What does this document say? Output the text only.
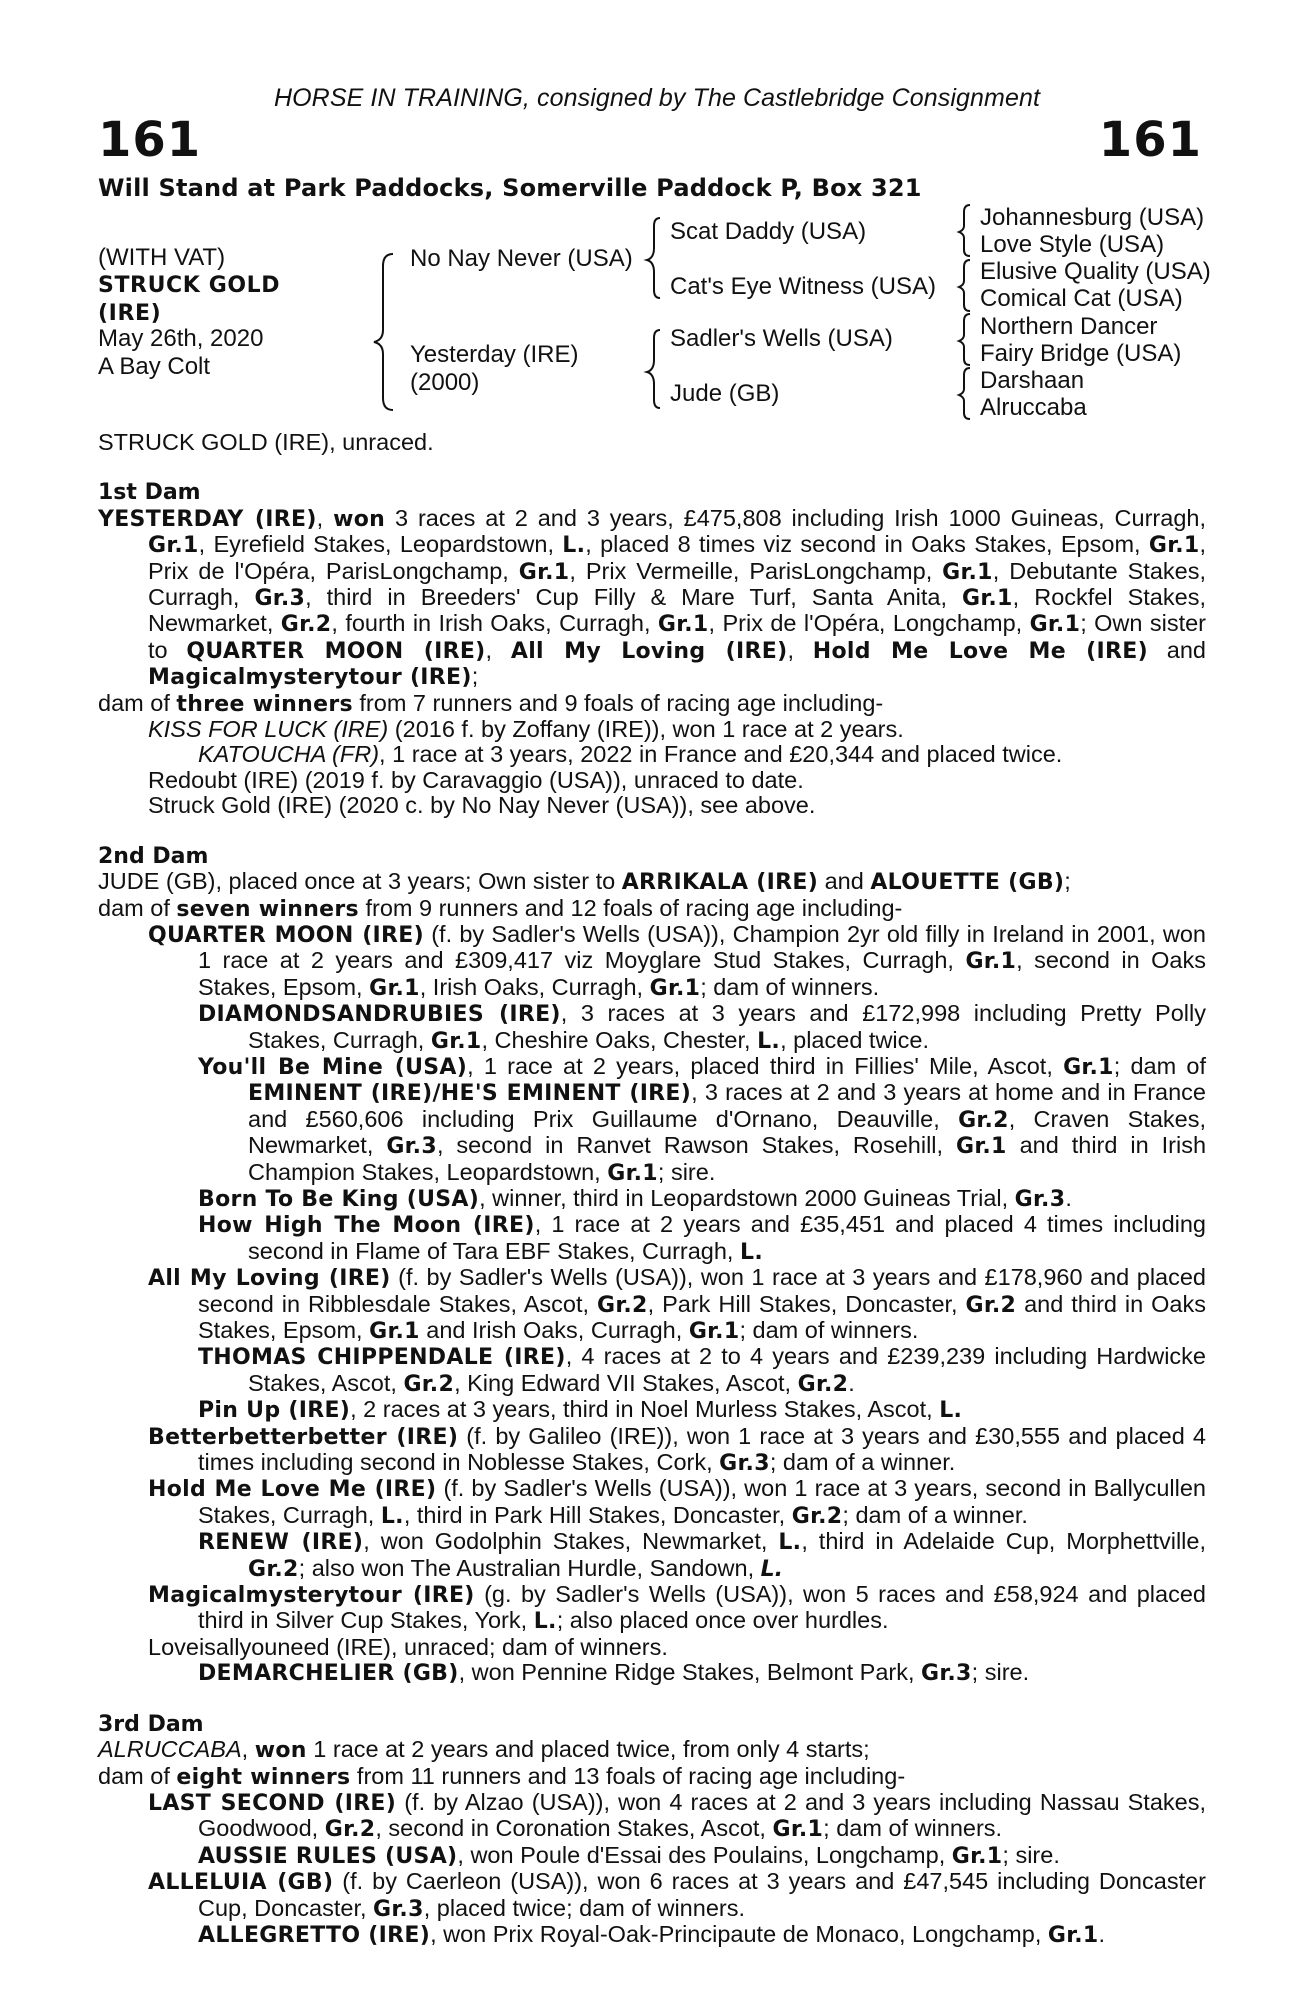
HORSE IN TRAINING, consigned by The Castlebridge Consignment
161	161
Will Stand at Park Paddocks, Somerville Paddock P, Box 321
(WITH VAT)
STRUCK GOLD
(IRE)
May 26th, 2020
A Bay Colt
No Nay Never (USA)
Yesterday (IRE)
(2000)
Scat Daddy (USA)
Cat's Eye Witness (USA)
Sadler's Wells (USA)
Jude (GB)
Johannesburg (USA)
Love Style (USA)
Elusive Quality (USA)
Comical Cat (USA)
Northern Dancer
Fairy Bridge (USA)
Darshaan
Alruccaba

STRUCK GOLD (IRE), unraced.

1st Dam

YESTERDAY (IRE), won 3 races at 2 and 3 years, £475,808 including Irish 1000 Guineas, Curragh, Gr.1, Eyrefield Stakes, Leopardstown, L., placed 8 times viz second in Oaks Stakes, Epsom, Gr.1, Prix de l'Opéra, ParisLongchamp, Gr.1, Prix Vermeille, ParisLongchamp, Gr.1, Debutante Stakes, Curragh, Gr.3, third in Breeders' Cup Filly & Mare Turf, Santa Anita, Gr.1, Rockfel Stakes, Newmarket, Gr.2, fourth in Irish Oaks, Curragh, Gr.1, Prix de l'Opéra, Longchamp, Gr.1; Own sister to QUARTER MOON (IRE), All My Loving (IRE), Hold Me Love Me (IRE) and Magicalmysterytour (IRE);

dam of three winners from 7 runners and 9 foals of racing age including-

KISS FOR LUCK (IRE) (2016 f. by Zoffany (IRE)), won 1 race at 2 years.

KATOUCHA (FR), 1 race at 3 years, 2022 in France and £20,344 and placed twice.

Redoubt (IRE) (2019 f. by Caravaggio (USA)), unraced to date.

Struck Gold (IRE) (2020 c. by No Nay Never (USA)), see above.

2nd Dam

JUDE (GB), placed once at 3 years; Own sister to ARRIKALA (IRE) and ALOUETTE (GB);

dam of seven winners from 9 runners and 12 foals of racing age including-

QUARTER MOON (IRE) (f. by Sadler's Wells (USA)), Champion 2yr old filly in Ireland in 2001, won 1 race at 2 years and £309,417 viz Moyglare Stud Stakes, Curragh, Gr.1, second in Oaks Stakes, Epsom, Gr.1, Irish Oaks, Curragh, Gr.1; dam of winners.

DIAMONDSANDRUBIES (IRE), 3 races at 3 years and £172,998 including Pretty Polly Stakes, Curragh, Gr.1, Cheshire Oaks, Chester, L., placed twice.

You'll Be Mine (USA), 1 race at 2 years, placed third in Fillies' Mile, Ascot, Gr.1; dam of EMINENT (IRE)/HE'S EMINENT (IRE), 3 races at 2 and 3 years at home and in France and £560,606 including Prix Guillaume d'Ornano, Deauville, Gr.2, Craven Stakes, Newmarket, Gr.3, second in Ranvet Rawson Stakes, Rosehill, Gr.1 and third in Irish Champion Stakes, Leopardstown, Gr.1; sire.

Born To Be King (USA), winner, third in Leopardstown 2000 Guineas Trial, Gr.3.

How High The Moon (IRE), 1 race at 2 years and £35,451 and placed 4 times including second in Flame of Tara EBF Stakes, Curragh, L.

All My Loving (IRE) (f. by Sadler's Wells (USA)), won 1 race at 3 years and £178,960 and placed second in Ribblesdale Stakes, Ascot, Gr.2, Park Hill Stakes, Doncaster, Gr.2 and third in Oaks Stakes, Epsom, Gr.1 and Irish Oaks, Curragh, Gr.1; dam of winners.

THOMAS CHIPPENDALE (IRE), 4 races at 2 to 4 years and £239,239 including Hardwicke Stakes, Ascot, Gr.2, King Edward VII Stakes, Ascot, Gr.2.

Pin Up (IRE), 2 races at 3 years, third in Noel Murless Stakes, Ascot, L.

Betterbetterbetter (IRE) (f. by Galileo (IRE)), won 1 race at 3 years and £30,555 and placed 4 times including second in Noblesse Stakes, Cork, Gr.3; dam of a winner.

Hold Me Love Me (IRE) (f. by Sadler's Wells (USA)), won 1 race at 3 years, second in Ballycullen Stakes, Curragh, L., third in Park Hill Stakes, Doncaster, Gr.2; dam of a winner.

RENEW (IRE), won Godolphin Stakes, Newmarket, L., third in Adelaide Cup, Morphettville, Gr.2; also won The Australian Hurdle, Sandown, L.

Magicalmysterytour (IRE) (g. by Sadler's Wells (USA)), won 5 races and £58,924 and placed third in Silver Cup Stakes, York, L.; also placed once over hurdles.

Loveisallyouneed (IRE), unraced; dam of winners.

DEMARCHELIER (GB), won Pennine Ridge Stakes, Belmont Park, Gr.3; sire.

3rd Dam

ALRUCCABA, won 1 race at 2 years and placed twice, from only 4 starts;

dam of eight winners from 11 runners and 13 foals of racing age including-

LAST SECOND (IRE) (f. by Alzao (USA)), won 4 races at 2 and 3 years including Nassau Stakes, Goodwood, Gr.2, second in Coronation Stakes, Ascot, Gr.1; dam of winners.

AUSSIE RULES (USA), won Poule d'Essai des Poulains, Longchamp, Gr.1; sire.

ALLELUIA (GB) (f. by Caerleon (USA)), won 6 races at 3 years and £47,545 including Doncaster Cup, Doncaster, Gr.3, placed twice; dam of winners.

ALLEGRETTO (IRE), won Prix Royal-Oak-Principaute de Monaco, Longchamp, Gr.1.
